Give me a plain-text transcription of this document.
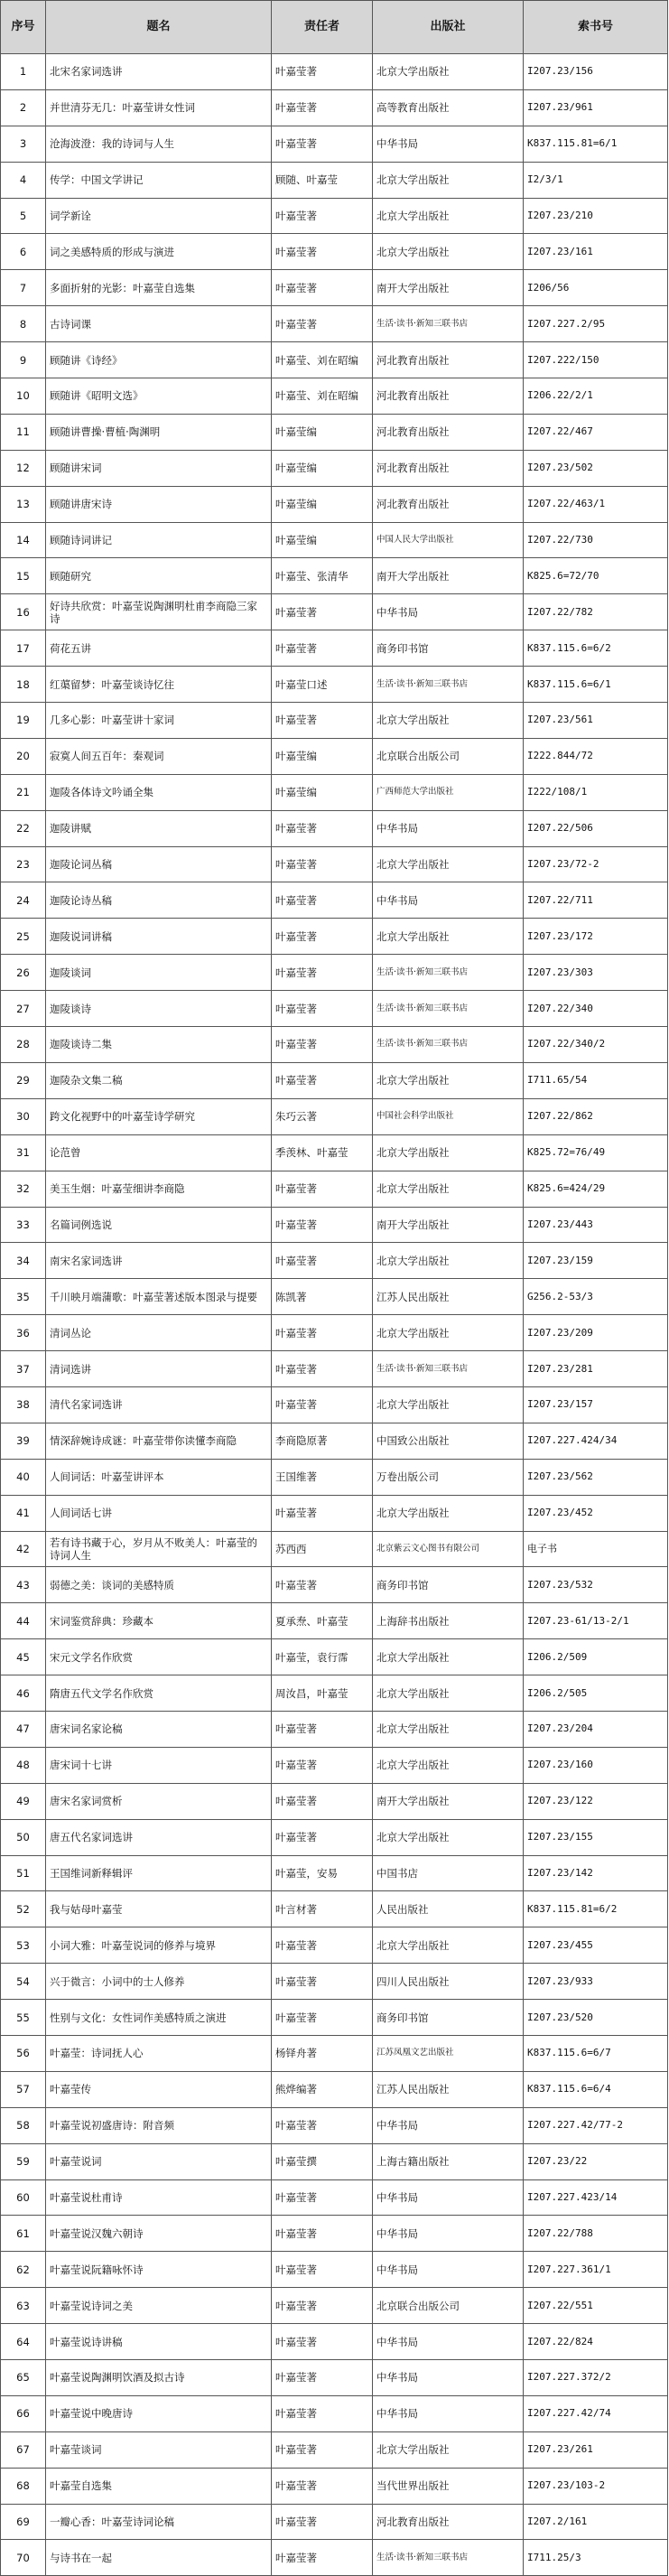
序号	题名	责任者	出版社	索书号
1	北宋名家词选讲	叶嘉莹著	北京大学出版社	I207.23/156
2	并世清芬无几：叶嘉莹讲女性词	叶嘉莹著	高等教育出版社	I207.23/961
3	沧海波澄：我的诗词与人生	叶嘉莹著	中华书局	K837.115.81=6/1
4	传学：中国文学讲记	顾随、叶嘉莹	北京大学出版社	I2/3/1
5	词学新诠	叶嘉莹著	北京大学出版社	I207.23/210
6	词之美感特质的形成与演进	叶嘉莹著	北京大学出版社	I207.23/161
7	多面折射的光影：叶嘉莹自选集	叶嘉莹著	南开大学出版社	I206/56
8	古诗词课	叶嘉莹著	生活·读书·新知三联书店	I207.227.2/95
9	顾随讲《诗经》	叶嘉莹、刘在昭编	河北教育出版社	I207.222/150
10	顾随讲《昭明文选》	叶嘉莹、刘在昭编	河北教育出版社	I206.22/2/1
11	顾随讲曹操·曹植·陶渊明	叶嘉莹编	河北教育出版社	I207.22/467
12	顾随讲宋词	叶嘉莹编	河北教育出版社	I207.23/502
13	顾随讲唐宋诗	叶嘉莹编	河北教育出版社	I207.22/463/1
14	顾随诗词讲记	叶嘉莹编	中国人民大学出版社	I207.22/730
15	顾随研究	叶嘉莹、张清华	南开大学出版社	K825.6=72/70
16	好诗共欣赏：叶嘉莹说陶渊明杜甫李商隐三家诗	叶嘉莹著	中华书局	I207.22/782
17	荷花五讲	叶嘉莹著	商务印书馆	K837.115.6=6/2
18	红蕖留梦：叶嘉莹谈诗忆往	叶嘉莹口述	生活·读书·新知三联书店	K837.115.6=6/1
19	几多心影：叶嘉莹讲十家词	叶嘉莹著	北京大学出版社	I207.23/561
20	寂寞人间五百年：秦观词	叶嘉莹编	北京联合出版公司	I222.844/72
21	迦陵各体诗文吟诵全集	叶嘉莹编	广西师范大学出版社	I222/108/1
22	迦陵讲赋	叶嘉莹著	中华书局	I207.22/506
23	迦陵论词丛稿	叶嘉莹著	北京大学出版社	I207.23/72-2
24	迦陵论诗丛稿	叶嘉莹著	中华书局	I207.22/711
25	迦陵说词讲稿	叶嘉莹著	北京大学出版社	I207.23/172
26	迦陵谈词	叶嘉莹著	生活·读书·新知三联书店	I207.23/303
27	迦陵谈诗	叶嘉莹著	生活·读书·新知三联书店	I207.22/340
28	迦陵谈诗二集	叶嘉莹著	生活·读书·新知三联书店	I207.22/340/2
29	迦陵杂文集二稿	叶嘉莹著	北京大学出版社	I711.65/54
30	跨文化视野中的叶嘉莹诗学研究	朱巧云著	中国社会科学出版社	I207.22/862
31	论范曾	季羡林、叶嘉莹	北京大学出版社	K825.72=76/49
32	美玉生烟：叶嘉莹细讲李商隐	叶嘉莹著	北京大学出版社	K825.6=424/29
33	名篇词例选说	叶嘉莹著	南开大学出版社	I207.23/443
34	南宋名家词选讲	叶嘉莹著	北京大学出版社	I207.23/159
35	千川映月端蒲歌：叶嘉莹著述版本图录与提要	陈凯著	江苏人民出版社	G256.2-53/3
36	清词丛论	叶嘉莹著	北京大学出版社	I207.23/209
37	清词选讲	叶嘉莹著	生活·读书·新知三联书店	I207.23/281
38	清代名家词选讲	叶嘉莹著	北京大学出版社	I207.23/157
39	情深辞婉诗成谜：叶嘉莹带你读懂李商隐	李商隐原著	中国致公出版社	I207.227.424/34
40	人间词话：叶嘉莹讲评本	王国维著	万卷出版公司	I207.23/562
41	人间词话七讲	叶嘉莹著	北京大学出版社	I207.23/452
42	若有诗书藏于心，岁月从不败美人：叶嘉莹的诗词人生	苏西西	北京紫云文心图书有限公司	电子书
43	弱德之美：谈词的美感特质	叶嘉莹著	商务印书馆	I207.23/532
44	宋词鉴赏辞典：珍藏本	夏承焘、叶嘉莹	上海辞书出版社	I207.23-61/13-2/1
45	宋元文学名作欣赏	叶嘉莹，袁行霈	北京大学出版社	I206.2/509
46	隋唐五代文学名作欣赏	周汝昌，叶嘉莹	北京大学出版社	I206.2/505
47	唐宋词名家论稿	叶嘉莹著	北京大学出版社	I207.23/204
48	唐宋词十七讲	叶嘉莹著	北京大学出版社	I207.23/160
49	唐宋名家词赏析	叶嘉莹著	南开大学出版社	I207.23/122
50	唐五代名家词选讲	叶嘉莹著	北京大学出版社	I207.23/155
51	王国维词新释辑评	叶嘉莹，安易	中国书店	I207.23/142
52	我与姑母叶嘉莹	叶言材著	人民出版社	K837.115.81=6/2
53	小词大雅：叶嘉莹说词的修养与境界	叶嘉莹著	北京大学出版社	I207.23/455
54	兴于微言：小词中的士人修养	叶嘉莹著	四川人民出版社	I207.23/933
55	性别与文化：女性词作美感特质之演进	叶嘉莹著	商务印书馆	I207.23/520
56	叶嘉莹：诗词抚人心	杨铎舟著	江苏凤凰文艺出版社	K837.115.6=6/7
57	叶嘉莹传	熊烨编著	江苏人民出版社	K837.115.6=6/4
58	叶嘉莹说初盛唐诗：附音频	叶嘉莹著	中华书局	I207.227.42/77-2
59	叶嘉莹说词	叶嘉莹撰	上海古籍出版社	I207.23/22
60	叶嘉莹说杜甫诗	叶嘉莹著	中华书局	I207.227.423/14
61	叶嘉莹说汉魏六朝诗	叶嘉莹著	中华书局	I207.22/788
62	叶嘉莹说阮籍咏怀诗	叶嘉莹著	中华书局	I207.227.361/1
63	叶嘉莹说诗词之美	叶嘉莹著	北京联合出版公司	I207.22/551
64	叶嘉莹说诗讲稿	叶嘉莹著	中华书局	I207.22/824
65	叶嘉莹说陶渊明饮酒及拟古诗	叶嘉莹著	中华书局	I207.227.372/2
66	叶嘉莹说中晚唐诗	叶嘉莹著	中华书局	I207.227.42/74
67	叶嘉莹谈词	叶嘉莹著	北京大学出版社	I207.23/261
68	叶嘉莹自选集	叶嘉莹著	当代世界出版社	I207.23/103-2
69	一瓣心香：叶嘉莹诗词论稿	叶嘉莹著	河北教育出版社	I207.2/161
70	与诗书在一起	叶嘉莹著	生活·读书·新知三联书店	I711.25/3
